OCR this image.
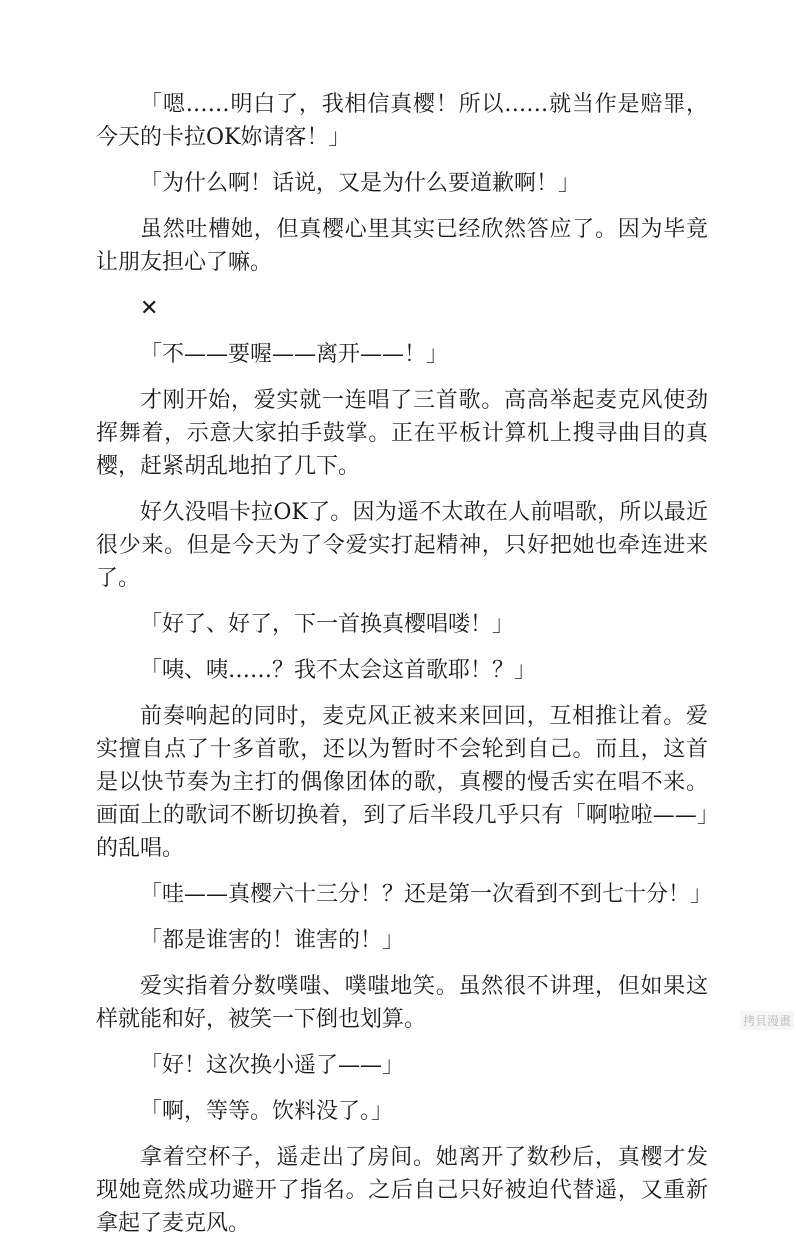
「嗯……明白了，我相信真樱！所以……就当作是赔罪，今天的卡拉OK妳请客！」

「为什么啊！话说，又是为什么要道歉啊！」

虽然吐槽她，但真樱心里其实已经欣然答应了。因为毕竟让朋友担心了嘛。

✕

「不——要喔——离开——！」

才刚开始，爱实就一连唱了三首歌。高高举起麦克风使劲挥舞着，示意大家拍手鼓掌。正在平板计算机上搜寻曲目的真樱，赶紧胡乱地拍了几下。

好久没唱卡拉OK了。因为遥不太敢在人前唱歌，所以最近很少来。但是今天为了令爱实打起精神，只好把她也牵连进来了。

「好了、好了，下一首换真樱唱喽！」

「咦、咦……？我不太会这首歌耶！？」

前奏响起的同时，麦克风正被来来回回，互相推让着。爱实擅自点了十多首歌，还以为暂时不会轮到自己。而且，这首是以快节奏为主打的偶像团体的歌，真樱的慢舌实在唱不来。画面上的歌词不断切换着，到了后半段几乎只有「啊啦啦——」的乱唱。

「哇——真樱六十三分！？还是第一次看到不到七十分！」

「都是谁害的！谁害的！」

爱实指着分数噗嗤、噗嗤地笑。虽然很不讲理，但如果这样就能和好，被笑一下倒也划算。

「好！这次换小遥了——」

「啊，等等。饮料没了。」

拿着空杯子，遥走出了房间。她离开了数秒后，真樱才发现她竟然成功避开了指名。之后自己只好被迫代替遥，又重新拿起了麦克风。

拷貝漫畫
